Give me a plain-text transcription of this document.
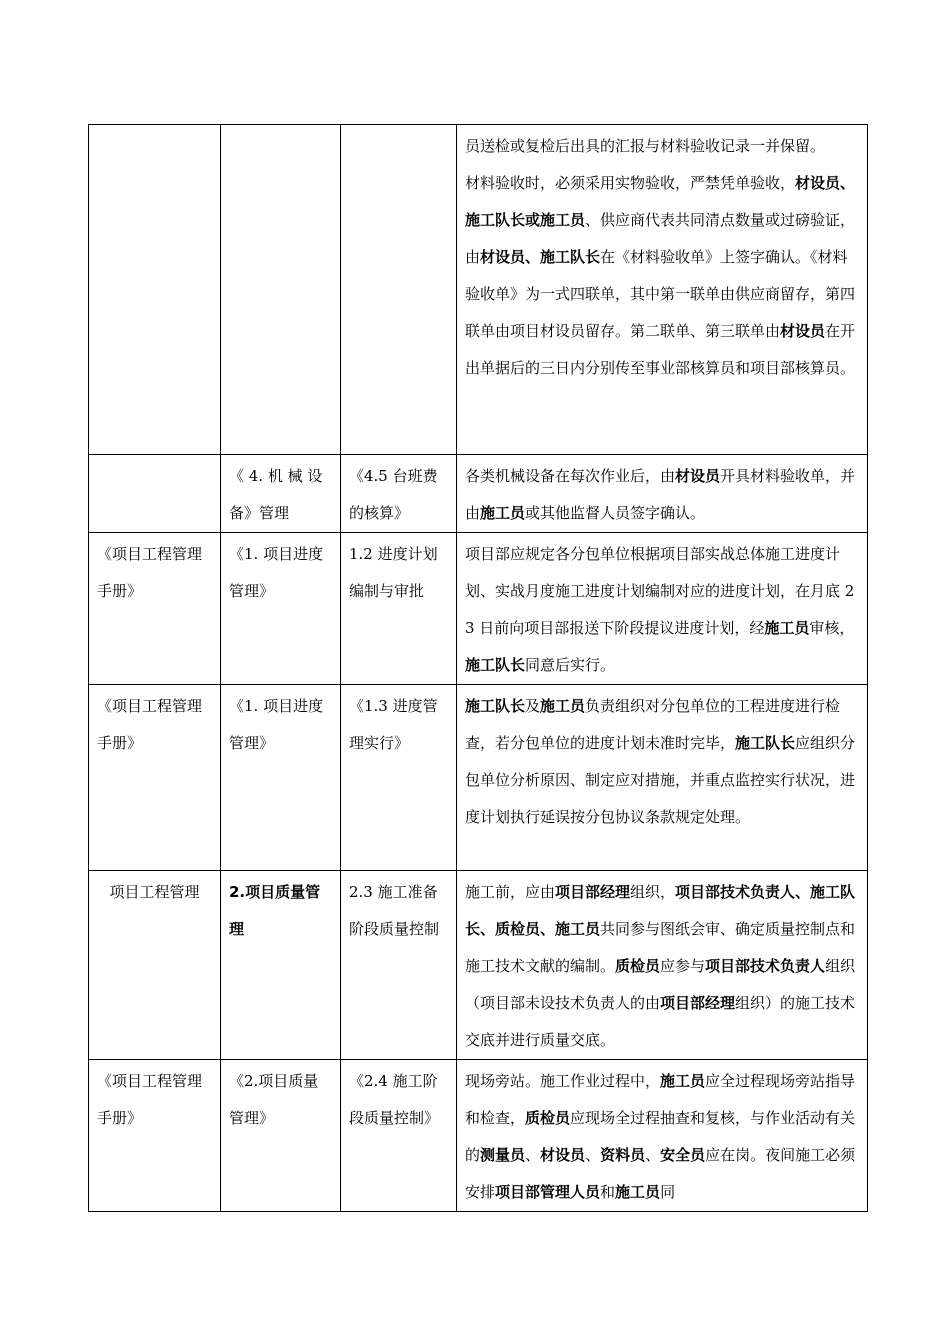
			员送检或复检后出具的汇报与材料验收记录一并保留。

材料验收时，必须采用实物验收，严禁凭单验收，材设员、施工队长或施工员、供应商代表共同清点数量或过磅验证，由材设员、施工队长在《材料验收单》上签字确认。《材料验收单》为一式四联单，其中第一联单由供应商留存，第四联单由项目材设员留存。第二联单、第三联单由材设员在开出单据后的三日内分别传至事业部核算员和项目部核算员。

	《 4. 机 械 设备》管理	《4.5 台班费的核算》	各类机械设备在每次作业后，由材设员开具材料验收单，并由施工员或其他监督人员签字确认。

《项目工程管理手册》	《1. 项目进度管理》	1.2 进度计划编制与审批	项目部应规定各分包单位根据项目部实战总体施工进度计划、实战月度施工进度计划编制对应的进度计划，在月底 23 日前向项目部报送下阶段提议进度计划，经施工员审核，施工队长同意后实行。

《项目工程管理手册》	《1. 项目进度管理》	《1.3 进度管理实行》	施工队长及施工员负责组织对分包单位的工程进度进行检查，若分包单位的进度计划未准时完毕，施工队长应组织分包单位分析原因、制定应对措施，并重点监控实行状况，进度计划执行延误按分包协议条款规定处理。

项目工程管理	2.项目质量管理	2.3 施工准备阶段质量控制	施工前，应由项目部经理组织，项目部技术负责人、施工队长、质检员、施工员共同参与图纸会审、确定质量控制点和施工技术文献的编制。质检员应参与项目部技术负责人组织（项目部未设技术负责人的由项目部经理组织）的施工技术交底并进行质量交底。

《项目工程管理手册》	《2.项目质量管理》	《2.4 施工阶段质量控制》	现场旁站。施工作业过程中，施工员应全过程现场旁站指导和检查，质检员应现场全过程抽查和复核，与作业活动有关的测量员、材设员、资料员、安全员应在岗。夜间施工必须安排项目部管理人员和施工员同
